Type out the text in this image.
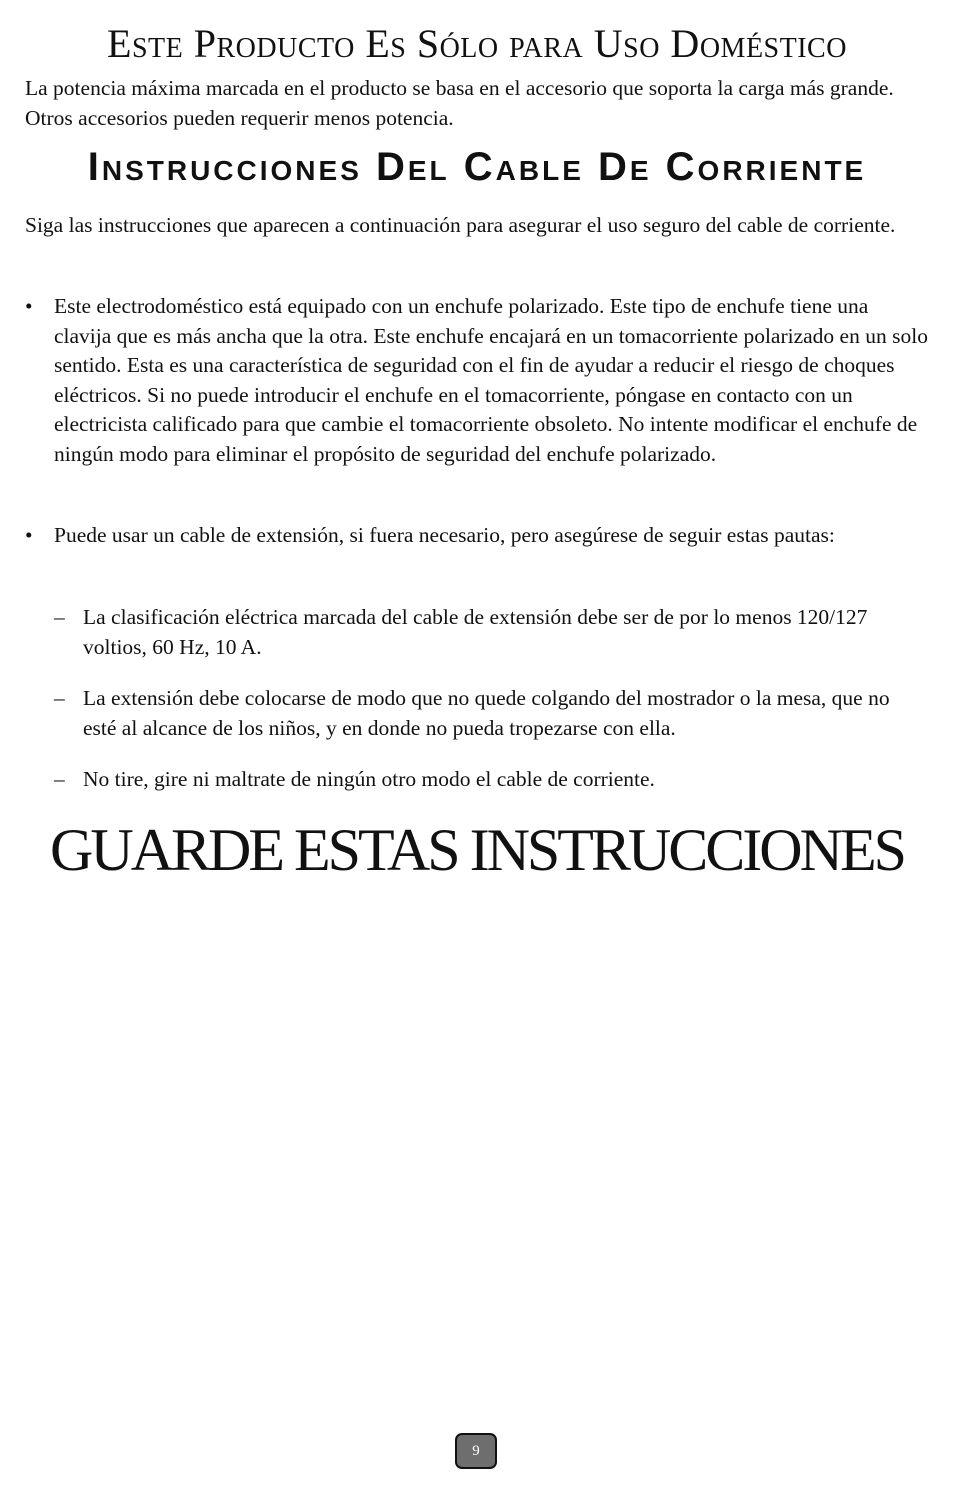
Este Producto Es Sólo para Uso Doméstico

La potencia máxima marcada en el producto se basa en el accesorio que soporta la carga más grande. Otros accesorios pueden requerir menos potencia.

Instrucciones Del Cable De Corriente

Siga las instrucciones que aparecen a continuación para asegurar el uso seguro del cable de corriente.

• Este electrodoméstico está equipado con un enchufe polarizado. Este tipo de enchufe tiene una clavija que es más ancha que la otra. Este enchufe encajará en un tomacorriente polarizado en un solo sentido. Esta es una característica de seguridad con el fin de ayudar a reducir el riesgo de choques eléctricos. Si no puede introducir el enchufe en el tomacorriente, póngase en contacto con un electricista calificado para que cambie el tomacorriente obsoleto. No intente modificar el enchufe de ningún modo para eliminar el propósito de seguridad del enchufe polarizado.
• Puede usar un cable de extensión, si fuera necesario, pero asegúrese de seguir estas pautas:
– La clasificación eléctrica marcada del cable de extensión debe ser de por lo menos 120/127 voltios, 60 Hz, 10 A.
– La extensión debe colocarse de modo que no quede colgando del mostrador o la mesa, que no esté al alcance de los niños, y en donde no pueda tropezarse con ella.
– No tire, gire ni maltrate de ningún otro modo el cable de corriente.
GUARDE ESTAS INSTRUCCIONES
9
